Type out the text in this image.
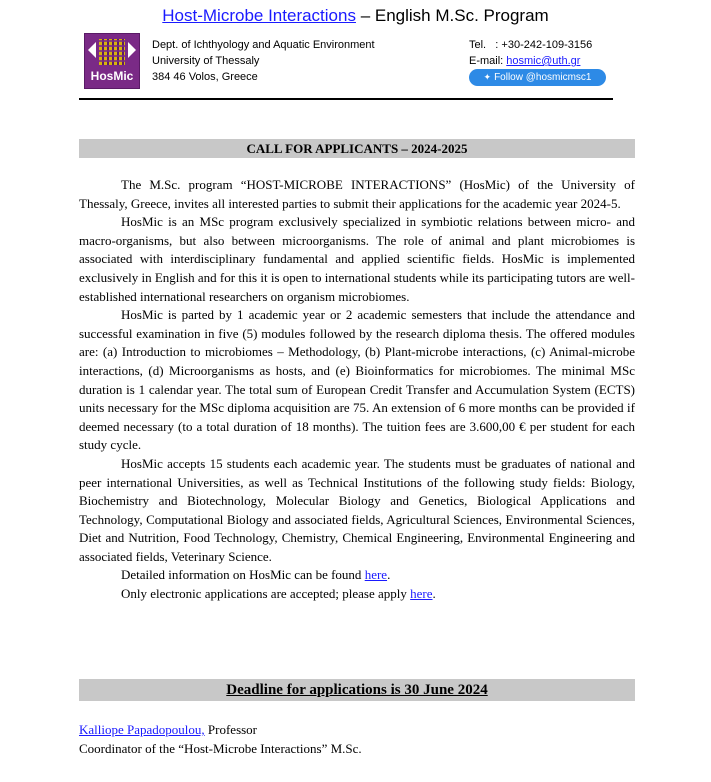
Host-Microbe Interactions – English M.Sc. Program
HosMic
Dept. of Ichthyology and Aquatic Environment
University of Thessaly
384 46 Volos, Greece
Tel.   : +30-242-109-3156
E-mail: hosmic@uth.gr
✦ Follow @hosmicmsc1
CALL FOR APPLICANTS – 2024-2025

The M.Sc. program “HOST-MICROBE INTERACTIONS” (HosMic) of the University of Thessaly, Greece, invites all interested parties to submit their applications for the academic year 2024-5.

HosMic is an MSc program exclusively specialized in symbiotic relations between micro- and macro-organisms, but also between microorganisms. The role of animal and plant microbiomes is associated with interdisciplinary fundamental and applied scientific fields. HosMic is implemented exclusively in English and for this it is open to international students while its participating tutors are well-established international researchers on organism microbiomes.

HosMic is parted by 1 academic year or 2 academic semesters that include the attendance and successful examination in five (5) modules followed by the research diploma thesis. The offered modules are: (a) Introduction to microbiomes – Methodology, (b) Plant-microbe interactions, (c) Animal-microbe interactions, (d) Microorganisms as hosts, and (e) Bioinformatics for microbiomes. The minimal MSc duration is 1 calendar year. The total sum of European Credit Transfer and Accumulation System (ECTS) units necessary for the MSc diploma acquisition are 75. An extension of 6 more months can be provided if deemed necessary (to a total duration of 18 months). The tuition fees are 3.600,00 € per student for each study cycle.

HosMic accepts 15 students each academic year. The students must be graduates of national and peer international Universities, as well as Technical Institutions of the following study fields: Biology, Biochemistry and Biotechnology, Molecular Biology and Genetics, Biological Applications and Technology, Computational Biology and associated fields, Agricultural Sciences, Environmental Sciences, Diet and Nutrition, Food Technology, Chemistry, Chemical Engineering, Environmental Engineering and associated fields, Veterinary Science.

Detailed information on HosMic can be found here.

Only electronic applications are accepted; please apply here.

Deadline for applications is 30 June 2024
Kalliope Papadopoulou, Professor
Coordinator of the “Host-Microbe Interactions” M.Sc.
